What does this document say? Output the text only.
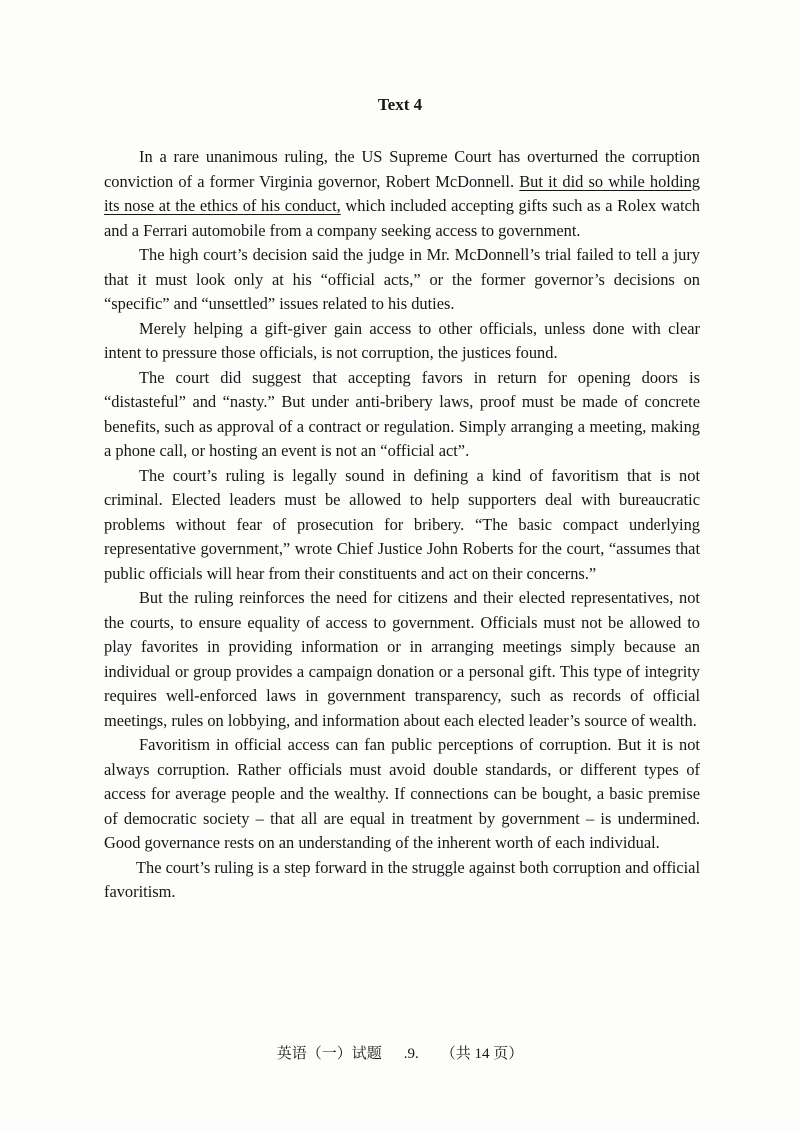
Text 4

In a rare unanimous ruling, the US Supreme Court has overturned the corruption conviction of a former Virginia governor, Robert McDonnell. But it did so while holding its nose at the ethics of his conduct, which included accepting gifts such as a Rolex watch and a Ferrari automobile from a company seeking access to government.

The high court’s decision said the judge in Mr. McDonnell’s trial failed to tell a jury that it must look only at his “official acts,” or the former governor’s decisions on “specific” and “unsettled” issues related to his duties.

Merely helping a gift-giver gain access to other officials, unless done with clear intent to pressure those officials, is not corruption, the justices found.

The court did suggest that accepting favors in return for opening doors is “distasteful” and “nasty.” But under anti-bribery laws, proof must be made of concrete benefits, such as approval of a contract or regulation. Simply arranging a meeting, making a phone call, or hosting an event is not an “official act”.

The court’s ruling is legally sound in defining a kind of favoritism that is not criminal. Elected leaders must be allowed to help supporters deal with bureaucratic problems without fear of prosecution for bribery. “The basic compact underlying representative government,” wrote Chief Justice John Roberts for the court, “assumes that public officials will hear from their constituents and act on their concerns.”

But the ruling reinforces the need for citizens and their elected representatives, not the courts, to ensure equality of access to government. Officials must not be allowed to play favorites in providing information or in arranging meetings simply because an individual or group provides a campaign donation or a personal gift. This type of integrity requires well-enforced laws in government transparency, such as records of official meetings, rules on lobbying, and information about each elected leader’s source of wealth.

Favoritism in official access can fan public perceptions of corruption. But it is not always corruption. Rather officials must avoid double standards, or different types of access for average people and the wealthy. If connections can be bought, a basic premise of democratic society – that all are equal in treatment by government – is undermined. Good governance rests on an understanding of the inherent worth of each individual.

The court’s ruling is a step forward in the struggle against both corruption and official favoritism.

英语（一）试题 .9. （共 14 页）
